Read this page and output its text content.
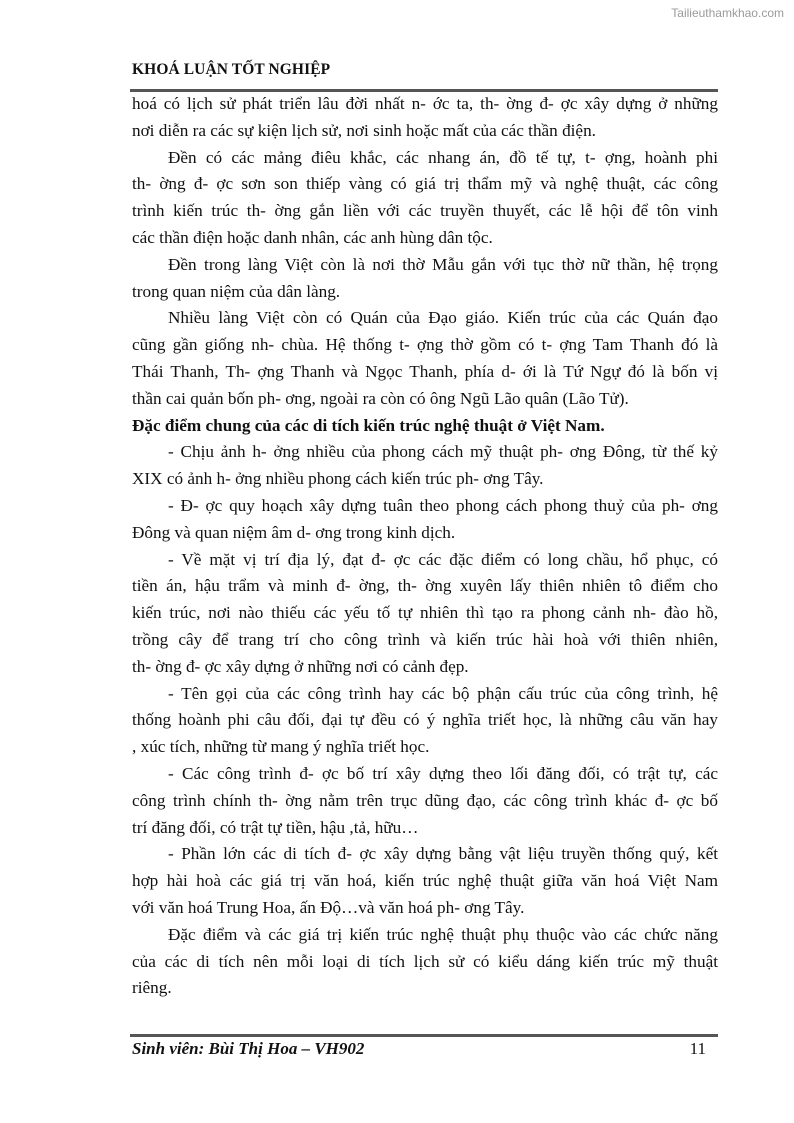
Tailieuthamkhao.com
KHOÁ LUẬN TỐT NGHIỆP
hoá có lịch sử phát triển lâu đời nhất n- ớc ta, th- ờng đ- ợc xây dựng ở những
nơi diễn ra các sự kiện lịch sử, nơi sinh hoặc mất của các thần điện.
Đền có các mảng điêu khắc, các nhang án, đồ tế tự, t- ợng, hoành phi
th- ờng đ- ợc sơn son thiếp vàng có giá trị thẩm mỹ và nghệ thuật, các công
trình kiến trúc th- ờng gắn liền với các truyền thuyết, các lễ hội để tôn vinh
các thần điện hoặc danh nhân, các anh hùng dân tộc.
Đền trong làng Việt còn là nơi thờ Mẫu gắn với tục thờ nữ thần, hệ trọng
trong quan niệm của dân làng.
Nhiều làng Việt còn có Quán của Đạo giáo. Kiến trúc của các Quán đạo
cũng gần giống nh- chùa. Hệ thống t- ợng thờ gồm có t- ợng Tam Thanh đó là
Thái Thanh, Th- ợng Thanh và Ngọc Thanh, phía d- ới là Tứ Ngự đó là bốn vị
thần cai quản bốn ph- ơng, ngoài ra còn có ông Ngũ Lão quân (Lão Tử).
Đặc điểm chung của các di tích kiến trúc nghệ thuật ở Việt Nam.
- Chịu ảnh h- ởng nhiều của phong cách mỹ thuật ph- ơng Đông, từ thế kỷ
XIX có ảnh h- ởng nhiều phong cách kiến trúc ph- ơng Tây.
- Đ- ợc quy hoạch xây dựng tuân theo phong cách phong thuỷ của ph- ơng
Đông và quan niệm âm d- ơng trong kinh dịch.
- Về mặt vị trí địa lý, đạt đ- ợc các đặc điểm có long chầu, hổ phục, có
tiền án, hậu trẩm và minh đ- ờng, th- ờng xuyên lấy thiên nhiên tô điểm cho
kiến trúc, nơi nào thiếu các yếu tố tự nhiên thì tạo ra phong cảnh nh- đào hồ,
trồng cây để trang trí cho công trình và kiến trúc hài hoà với thiên nhiên,
th- ờng đ- ợc xây dựng ở những nơi có cảnh đẹp.
- Tên gọi của các công trình hay các bộ phận cấu trúc của công trình, hệ
thống hoành phi câu đối, đại tự đều có ý nghĩa triết học, là những câu văn hay
, xúc tích, những từ mang ý nghĩa triết học.
- Các công trình đ- ợc bố trí xây dựng theo lối đăng đối, có trật tự, các
công trình chính th- ờng nằm trên trục dũng đạo, các công trình khác đ- ợc bố
trí đăng đối, có trật tự tiền, hậu ,tả, hữu…
- Phần lớn các di tích đ- ợc xây dựng bằng vật liệu truyền thống quý, kết
hợp hài hoà các giá trị văn hoá, kiến trúc nghệ thuật giữa văn hoá Việt Nam
với văn hoá Trung Hoa, ấn Độ…và văn hoá ph- ơng Tây.
Đặc điểm và các giá trị kiến trúc nghệ thuật phụ thuộc vào các chức năng
của các di tích nên mỗi loại di tích lịch sử có kiểu dáng kiến trúc mỹ thuật
riêng.
Sinh viên: Bùi Thị Hoa – VH902	11
